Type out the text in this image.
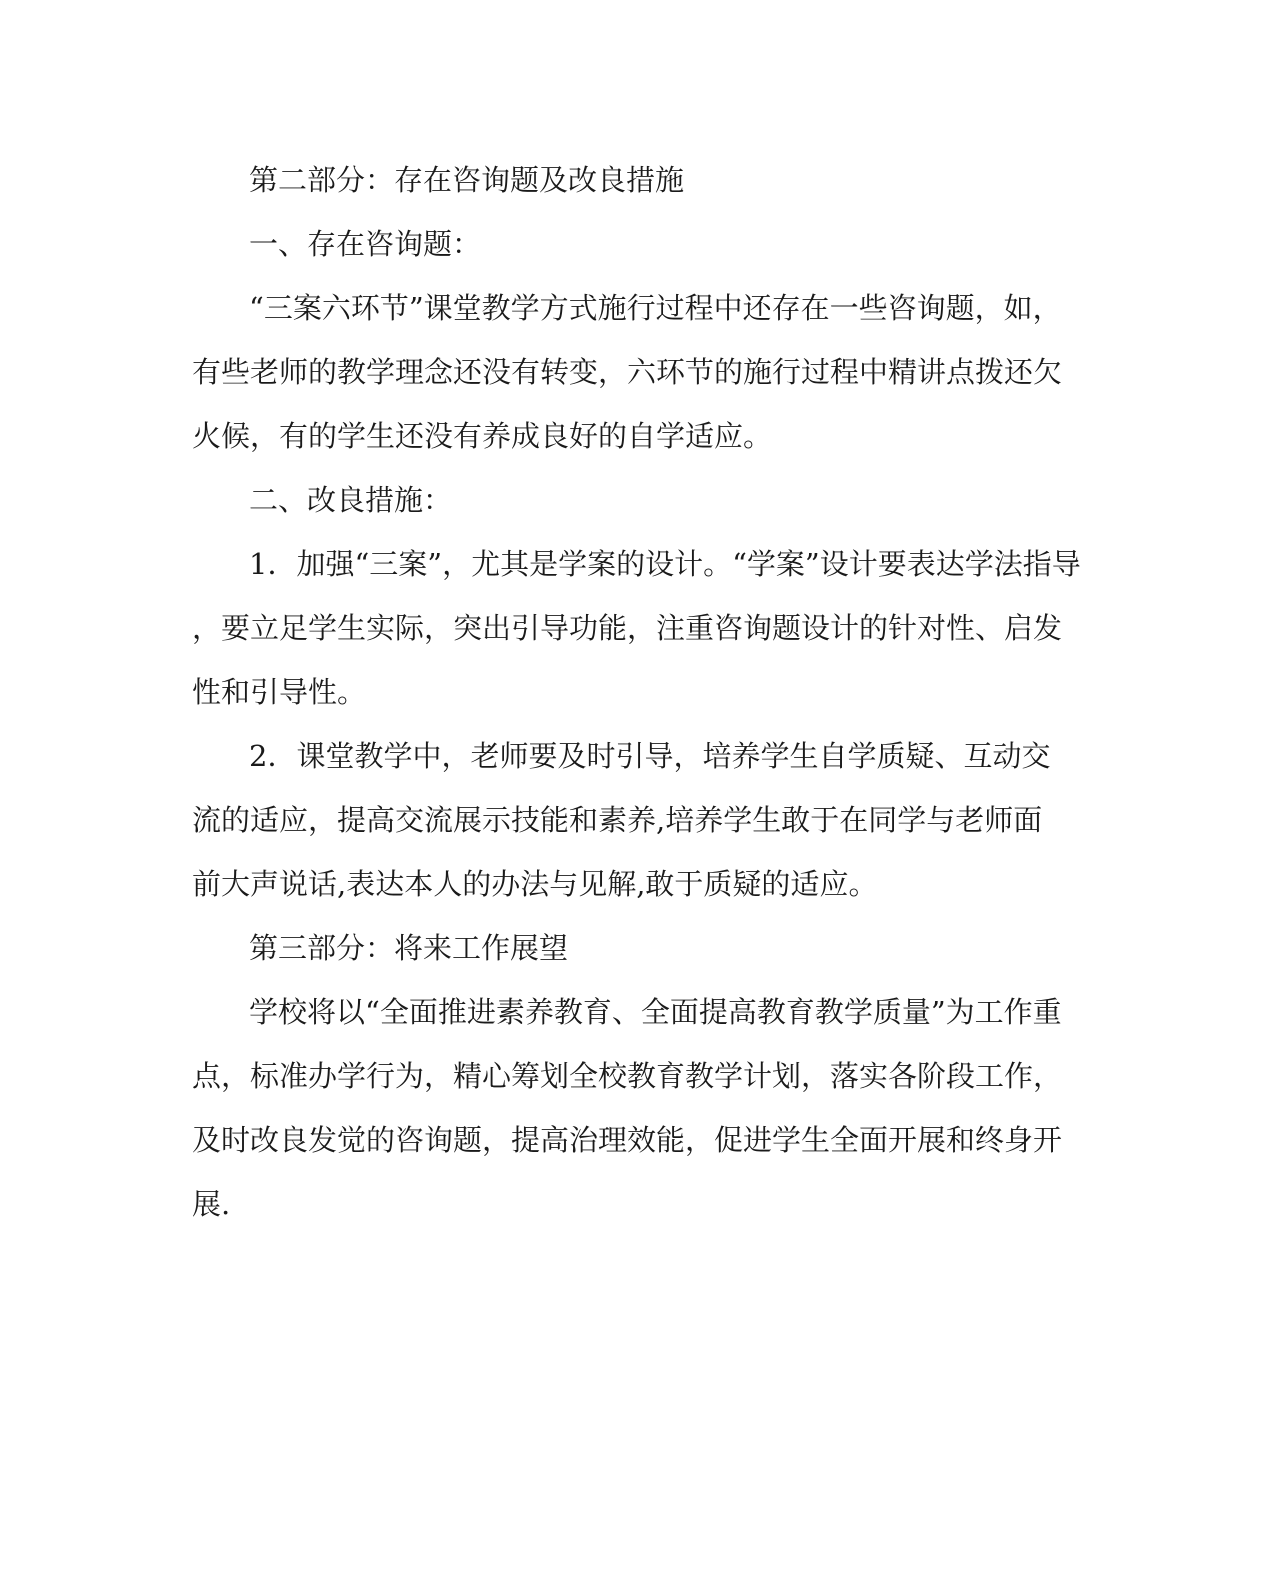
第二部分：存在咨询题及改良措施
一、存在咨询题：
“三案六环节”课堂教学方式施行过程中还存在一些咨询题，如，
有些老师的教学理念还没有转变，六环节的施行过程中精讲点拨还欠
火候，有的学生还没有养成良好的自学适应。
二、改良措施：
1．加强“三案”，尤其是学案的设计。“学案”设计要表达学法指导
，要立足学生实际，突出引导功能，注重咨询题设计的针对性、启发
性和引导性。
2．课堂教学中，老师要及时引导，培养学生自学质疑、互动交
流的适应，提高交流展示技能和素养,培养学生敢于在同学与老师面
前大声说话,表达本人的办法与见解,敢于质疑的适应。
第三部分：将来工作展望
学校将以“全面推进素养教育、全面提高教育教学质量”为工作重
点，标准办学行为，精心筹划全校教育教学计划，落实各阶段工作，
及时改良发觉的咨询题，提高治理效能，促进学生全面开展和终身开
展.
